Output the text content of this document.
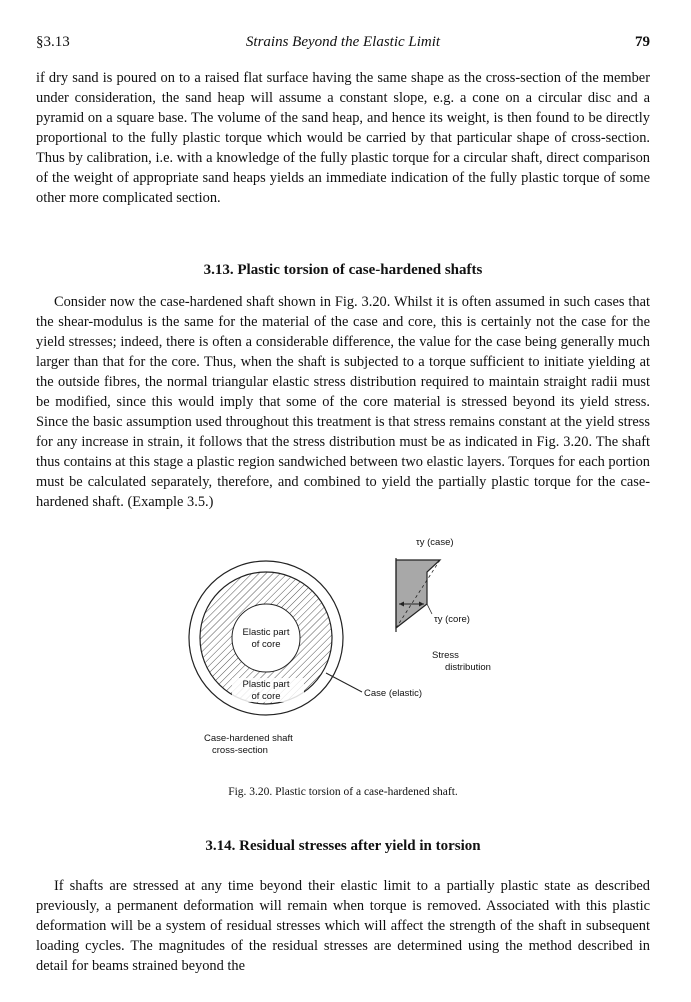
§3.13	Strains Beyond the Elastic Limit	79

if dry sand is poured on to a raised flat surface having the same shape as the cross-section of the member under consideration, the sand heap will assume a constant slope, e.g. a cone on a circular disc and a pyramid on a square base. The volume of the sand heap, and hence its weight, is then found to be directly proportional to the fully plastic torque which would be carried by that particular shape of cross-section. Thus by calibration, i.e. with a knowledge of the fully plastic torque for a circular shaft, direct comparison of the weight of appropriate sand heaps yields an immediate indication of the fully plastic torque of some other more complicated section.

3.13. Plastic torsion of case-hardened shafts

Consider now the case-hardened shaft shown in Fig. 3.20. Whilst it is often assumed in such cases that the shear-modulus is the same for the material of the case and core, this is certainly not the case for the yield stresses; indeed, there is often a considerable difference, the value for the case being generally much larger than that for the core. Thus, when the shaft is subjected to a torque sufficient to initiate yielding at the outside fibres, the normal triangular elastic stress distribution required to maintain straight radii must be modified, since this would imply that some of the core material is stressed beyond its yield stress. Since the basic assumption used throughout this treatment is that stress remains constant at the yield stress for any increase in strain, it follows that the stress distribution must be as indicated in Fig. 3.20. The shaft thus contains at this stage a plastic region sandwiched between two elastic layers. Torques for each portion must be calculated separately, therefore, and combined to yield the partially plastic torque for the case-hardened shaft. (Example 3.5.)

Elastic part
of core
Plastic part
of core	Case (elastic)
Case-hardened shaft
cross-section
τy (case)
τy (core)
Stress
distribution
Fig. 3.20. Plastic torsion of a case-hardened shaft.
3.14. Residual stresses after yield in torsion

If shafts are stressed at any time beyond their elastic limit to a partially plastic state as described previously, a permanent deformation will remain when torque is removed. Associated with this plastic deformation will be a system of residual stresses which will affect the strength of the shaft in subsequent loading cycles. The magnitudes of the residual stresses are determined using the method described in detail for beams strained beyond the
